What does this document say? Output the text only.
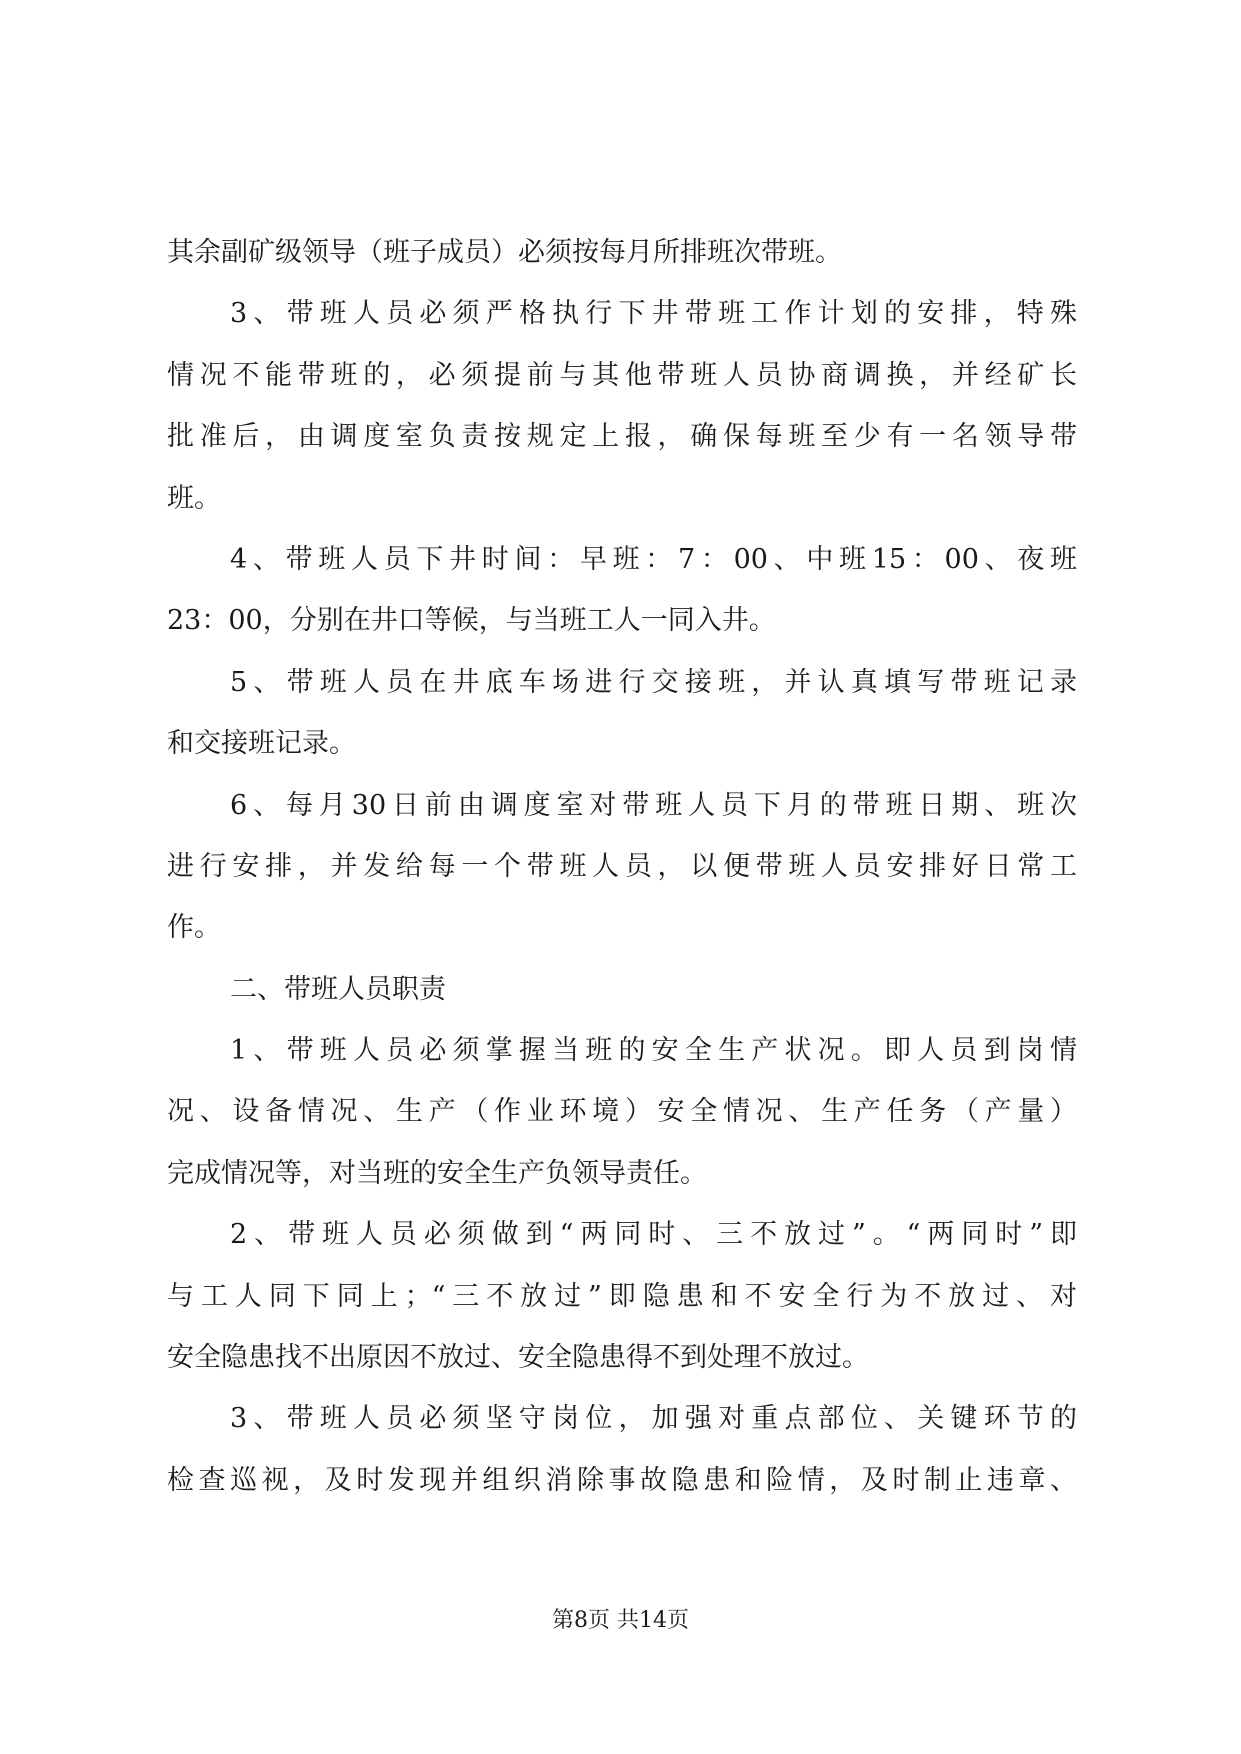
其余副矿级领导（班子成员）必须按每月所排班次带班。
3、带班人员必须严格执行下井带班工作计划的安排，特殊
情况不能带班的，必须提前与其他带班人员协商调换，并经矿长
批准后，由调度室负责按规定上报，确保每班至少有一名领导带
班。
4、带班人员下井时间：早班：7：00、中班15：00、夜班
23：00，分别在井口等候，与当班工人一同入井。
5、带班人员在井底车场进行交接班，并认真填写带班记录
和交接班记录。
6、每月30日前由调度室对带班人员下月的带班日期、班次
进行安排，并发给每一个带班人员，以便带班人员安排好日常工
作。
二、带班人员职责
1、带班人员必须掌握当班的安全生产状况。即人员到岗情
况、设备情况、生产（作业环境）安全情况、生产任务（产量）
完成情况等，对当班的安全生产负领导责任。
2、带班人员必须做到“两同时、三不放过”。“两同时”即
与工人同下同上；“三不放过”即隐患和不安全行为不放过、对
安全隐患找不出原因不放过、安全隐患得不到处理不放过。
3、带班人员必须坚守岗位，加强对重点部位、关键环节的
检查巡视，及时发现并组织消除事故隐患和险情，及时制止违章、
第8页 共14页
